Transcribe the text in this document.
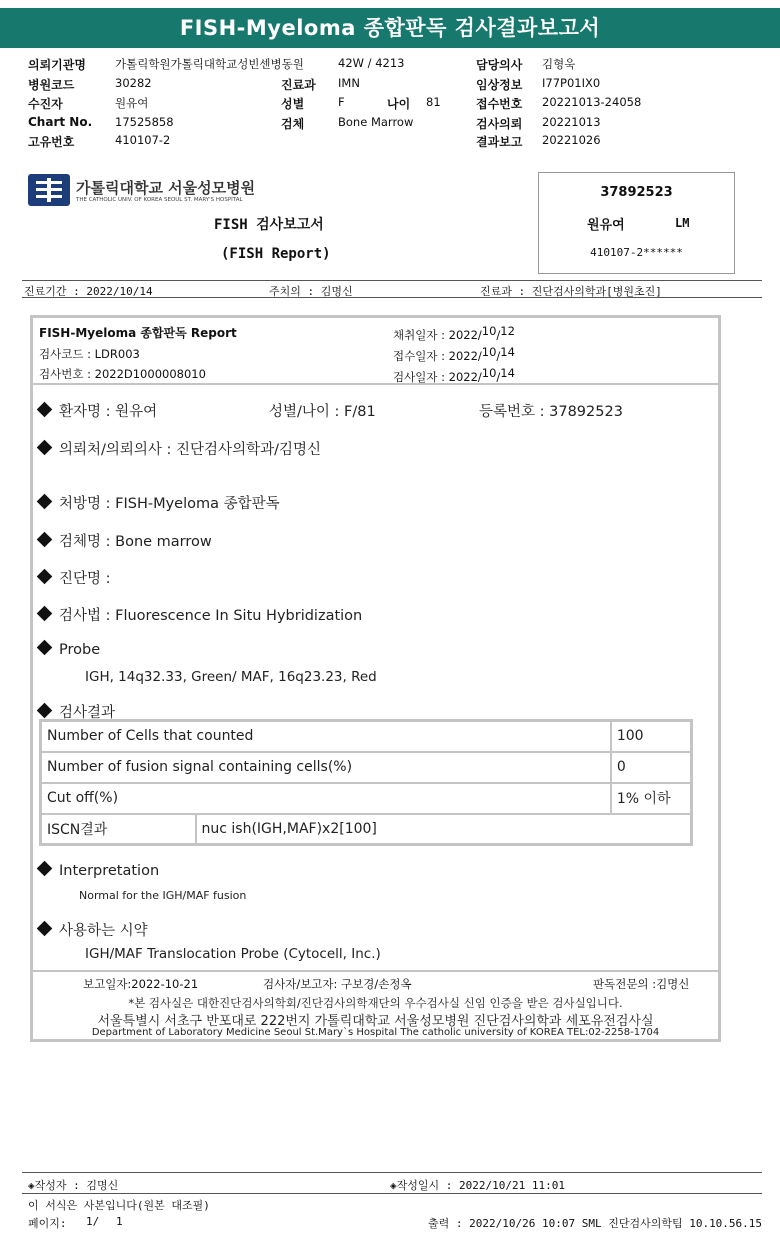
FISH-Myeloma 종합판독 검사결과보고서
의뢰기관명	가톨릭학원가톨릭대학교성빈센병동원	42W / 4213	담당의사 김형욱
병원코드	30282	진료과 IMN	임상정보 I77P01IX0
수진자	원유여	성별	F	나이 81	접수번호 20221013-24058
Chart No. 17525858	검체	Bone Marrow	검사의뢰 20221013
고유번호	410107-2	결과보고 20221026
가톨릭대학교 서울성모병원
THE CATHOLIC UNIV. OF KOREA SEOUL ST. MARY'S HOSPITAL
FISH 검사보고서
(FISH Report)
37892523
원유여	LM
410107-2******
진료기간 : 2022/10/14	주치의 : 김명신	진료과 : 진단검사의학과[병원초진]
FISH-Myeloma 종합판독 Report
검사코드 : LDR003
검사번호 : 2022D1000008010
채취일자 : 2022/10/12
접수일자 : 2022/10/14
검사일자 : 2022/10/14
환자명 : 원유여	성별/나이 : F/81	등록번호 : 37892523
의뢰처/의뢰의사 : 진단검사의학과/김명신
처방명 : FISH-Myeloma 종합판독
검체명 : Bone marrow
진단명 :
검사법 : Fluorescence In Situ Hybridization
Probe
IGH, 14q32.33, Green/ MAF, 16q23.23, Red
검사결과
Number of Cells that counted		100
Number of fusion signal containing cells(%)		0
Cut off(%)		1% 이하
ISCN결과	nuc ish(IGH,MAF)x2[100]	
Interpretation
Normal for the IGH/MAF fusion
사용하는 시약
IGH/MAF Translocation Probe (Cytocell, Inc.)
보고일자:2022-10-21	검사자/보고자: 구보경/손정옥	판독전문의 :김명신
*본 검사실은 대한진단검사의학회/진단검사의학재단의 우수검사실 신임 인증을 받은 검사실입니다.
서울특별시 서초구 반포대로 222번지 가톨릭대학교 서울성모병원 진단검사의학과 세포유전검사실
Department of Laboratory Medicine Seoul St.Mary`s Hospital The catholic university of KOREA TEL:02-2258-1704
◈작성자 : 김명신	◈작성일시 : 2022/10/21 11:01
이 서식은 사본입니다(원본 대조필)
페이지: 1/ 1	출력 : 2022/10/26 10:07 SML 진단검사의학팀 10.10.56.15
